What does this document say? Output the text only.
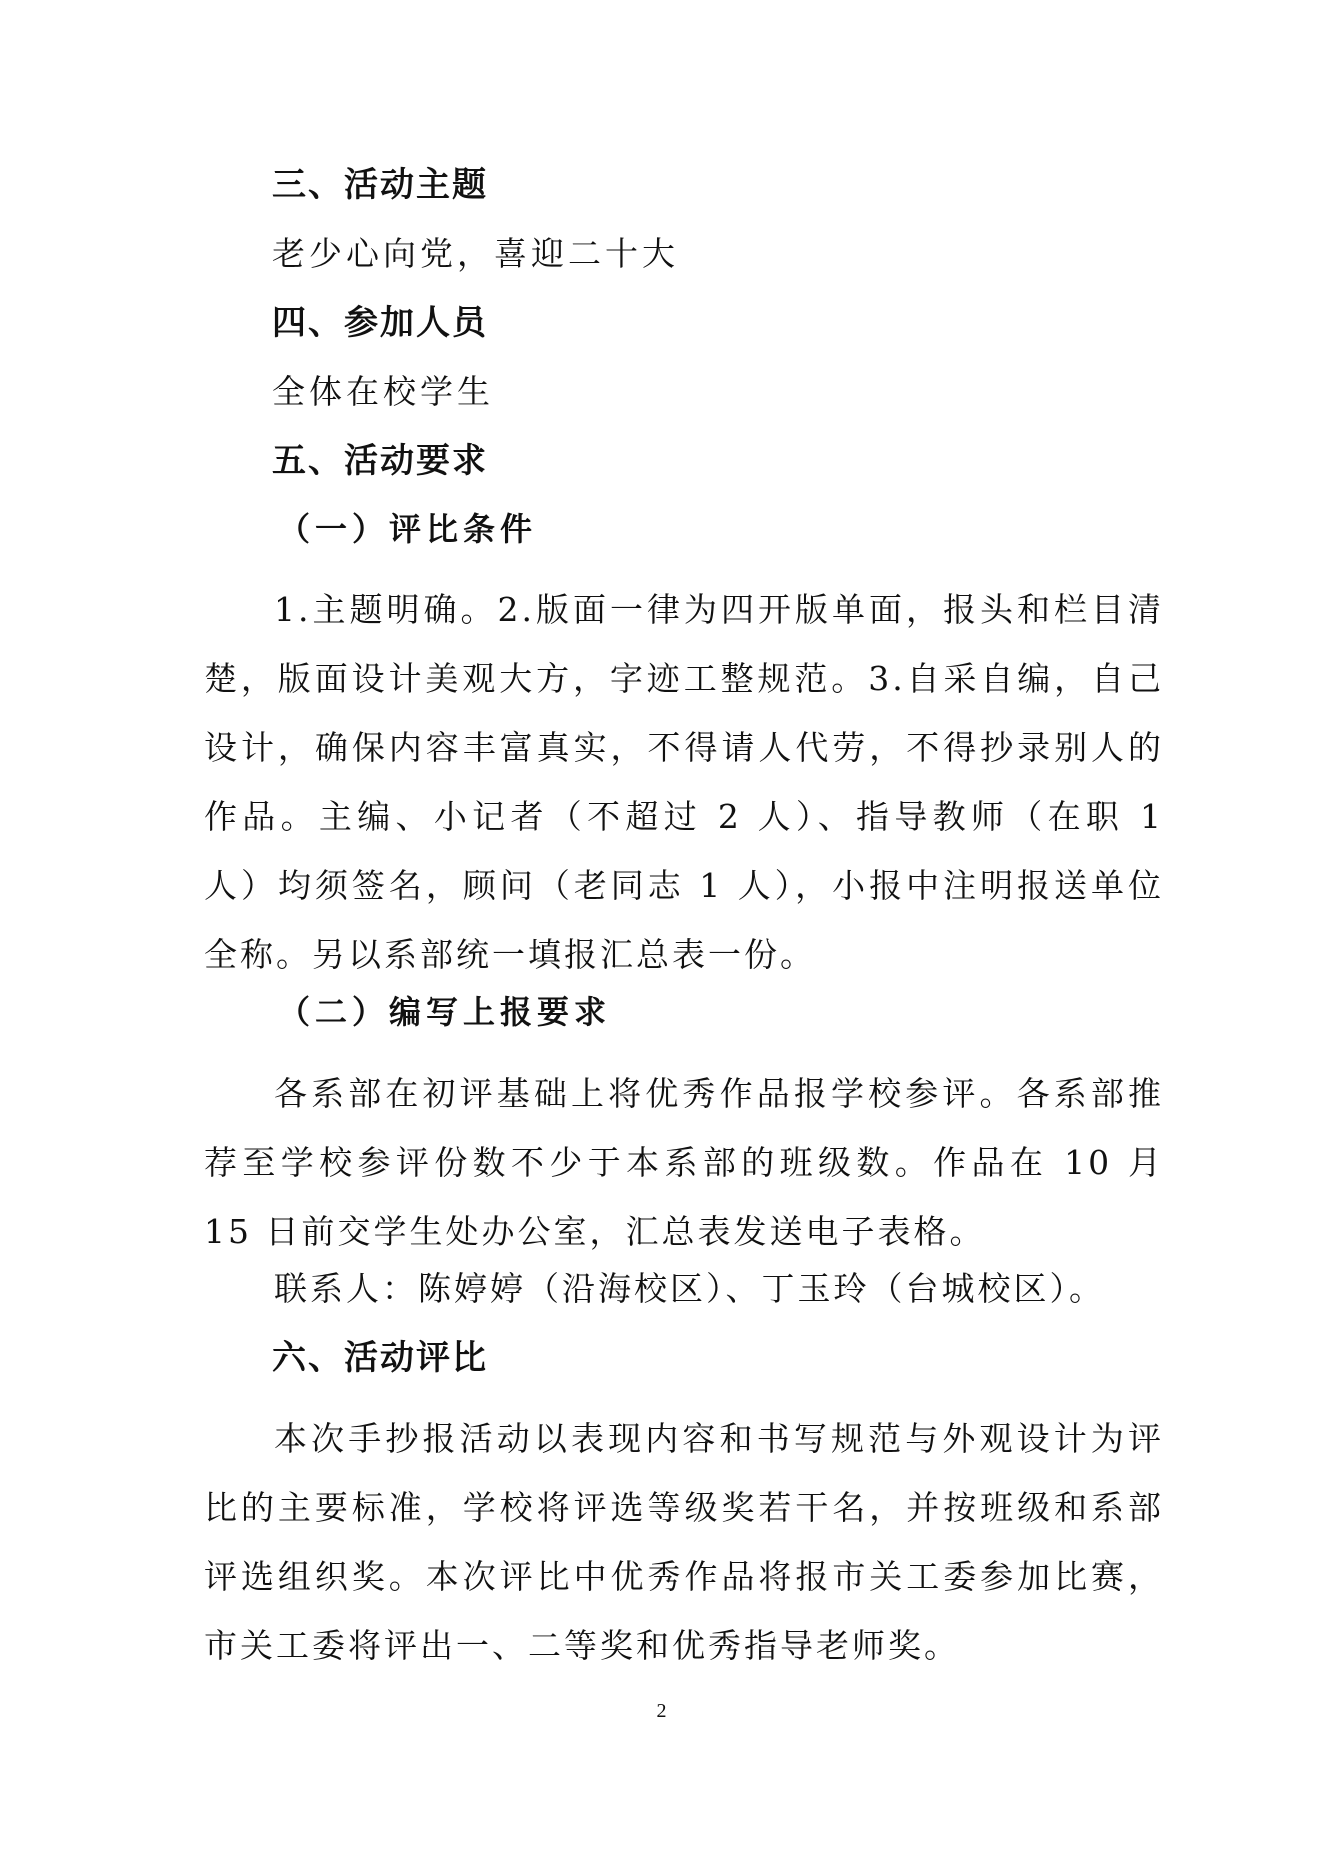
三、活动主题
老少心向党，喜迎二十大
四、参加人员
全体在校学生
五、活动要求
（一）评比条件

1.主题明确。2.版面一律为四开版单面，报头和栏目清楚，版面设计美观大方，字迹工整规范。3.自采自编，自己设计，确保内容丰富真实，不得请人代劳，不得抄录别人的作品。主编、小记者（不超过 2 人）、指导教师（在职 1 人）均须签名，顾问（老同志 1 人），小报中注明报送单位全称。另以系部统一填报汇总表一份。

（二）编写上报要求

各系部在初评基础上将优秀作品报学校参评。各系部推荐至学校参评份数不少于本系部的班级数。作品在 10 月 15 日前交学生处办公室，汇总表发送电子表格。

联系人：陈婷婷（沿海校区）、丁玉玲（台城校区）。
六、活动评比

本次手抄报活动以表现内容和书写规范与外观设计为评比的主要标准，学校将评选等级奖若干名，并按班级和系部评选组织奖。本次评比中优秀作品将报市关工委参加比赛，市关工委将评出一、二等奖和优秀指导老师奖。

2
